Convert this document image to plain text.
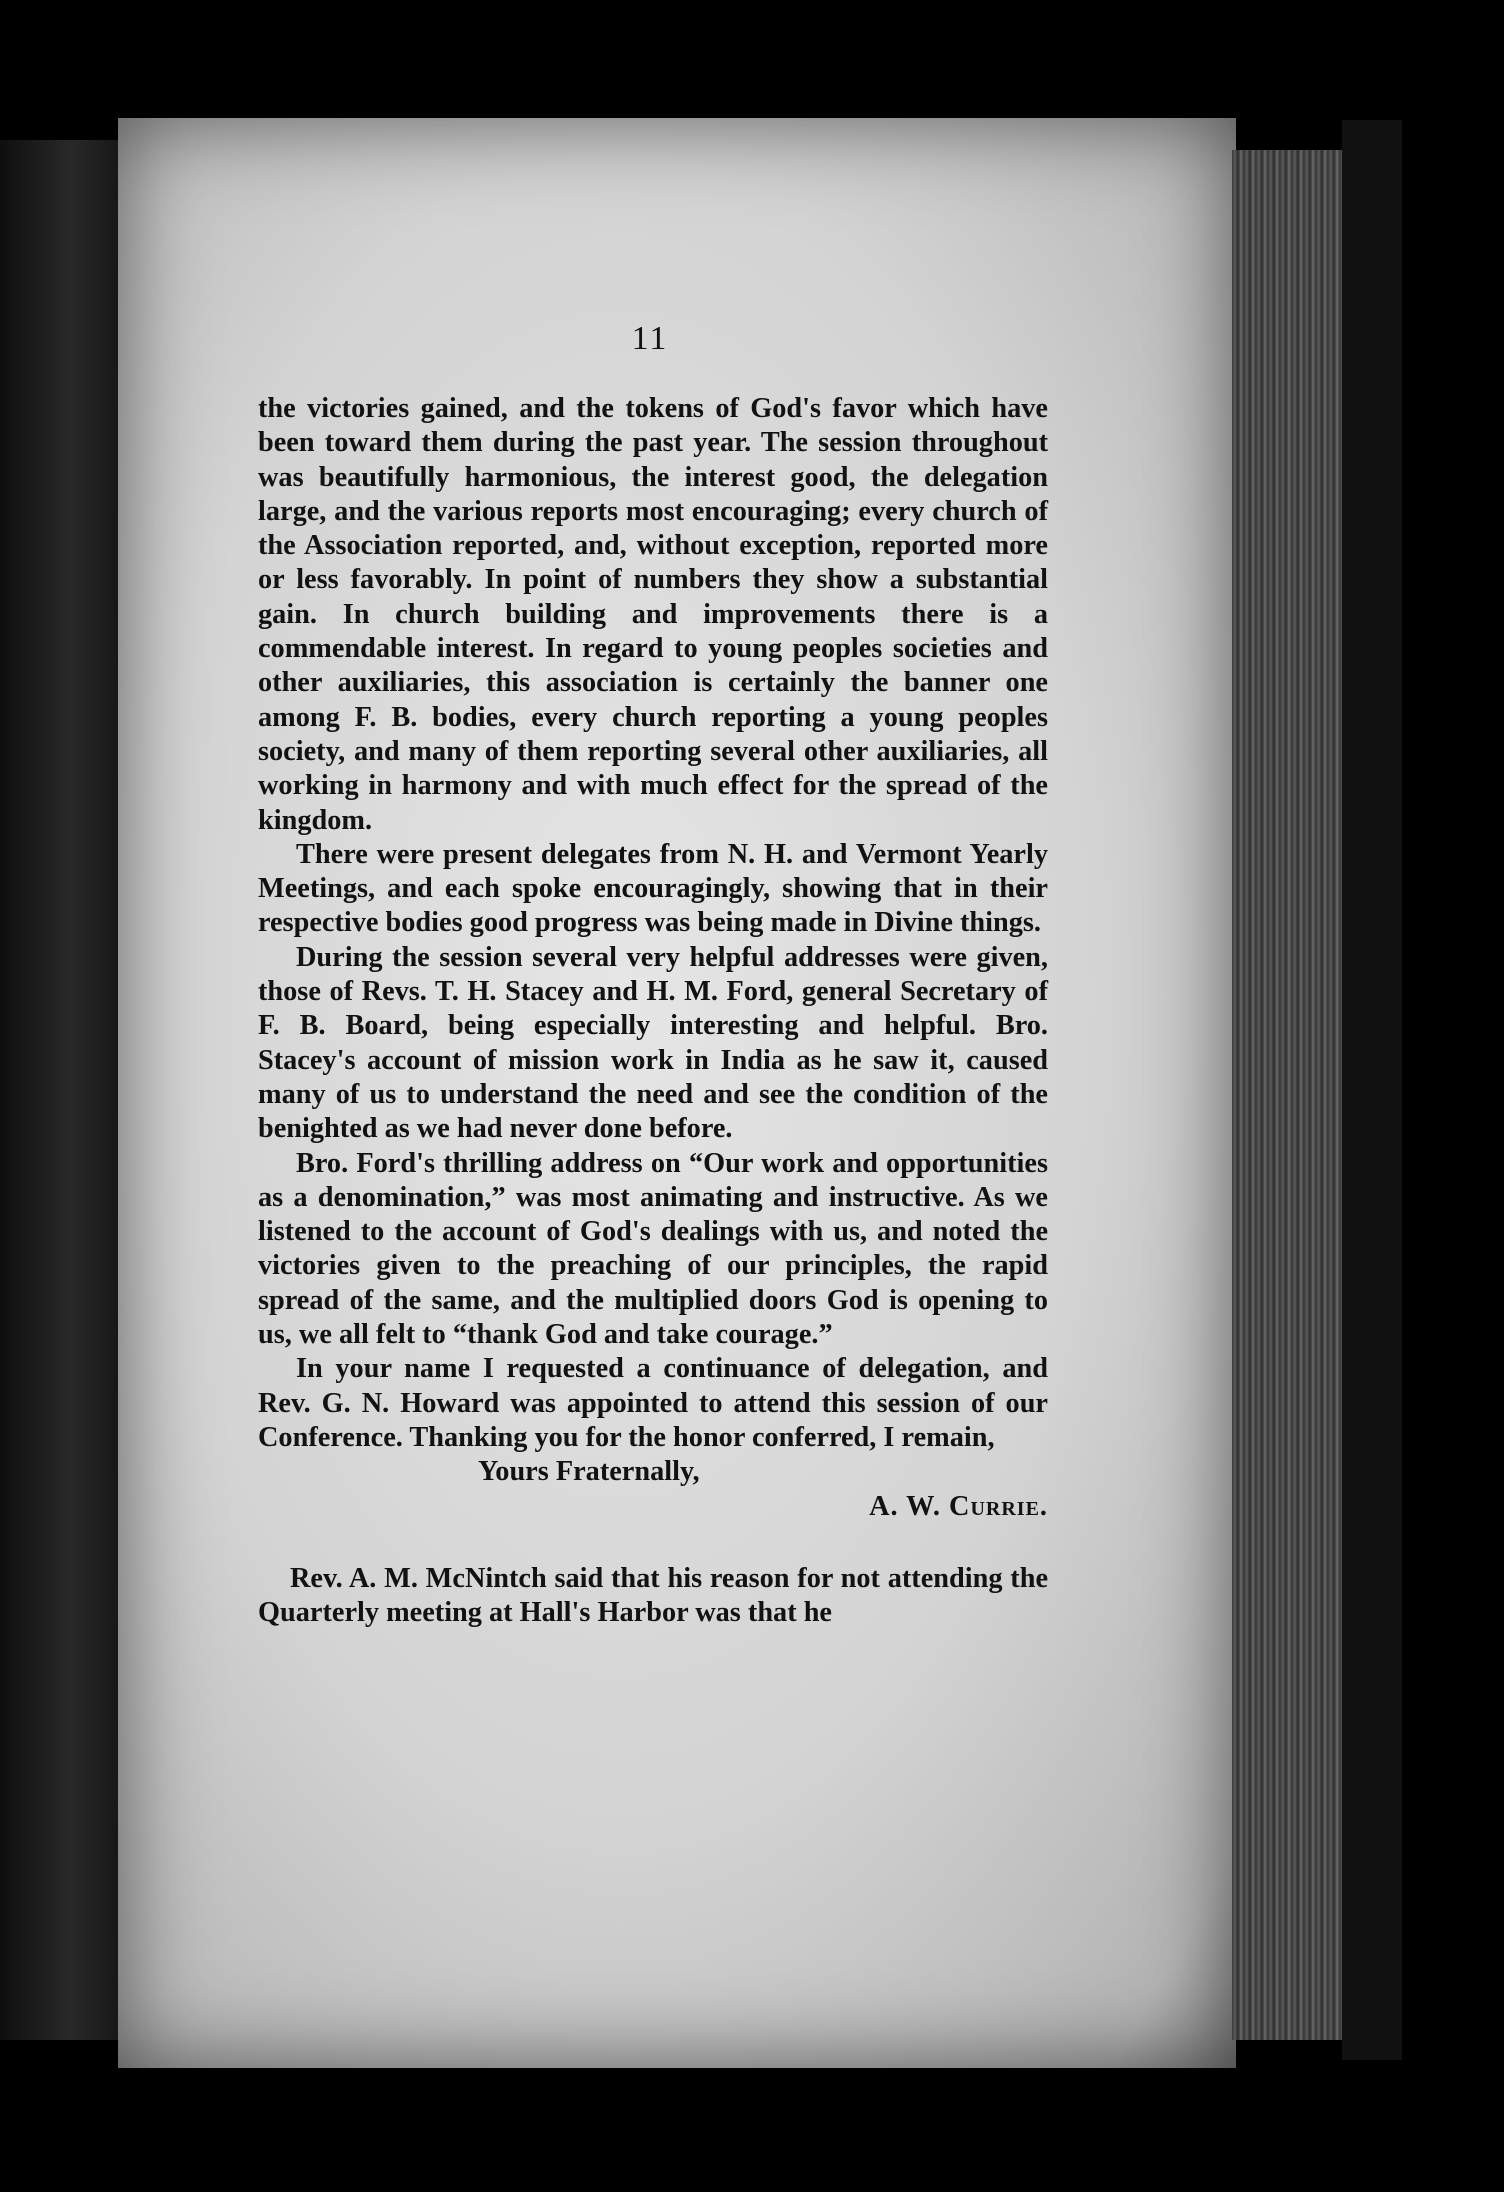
11

the victories gained, and the tokens of God's favor which have been toward them during the past year. The session throughout was beautifully harmonious, the interest good, the delegation large, and the various reports most encouraging; every church of the Association reported, and, without exception, reported more or less favorably. In point of numbers they show a substantial gain. In church building and improvements there is a commendable interest. In regard to young peoples societies and other auxiliaries, this association is certainly the banner one among F. B. bodies, every church reporting a young peoples society, and many of them reporting several other auxiliaries, all working in harmony and with much effect for the spread of the kingdom.

There were present delegates from N. H. and Vermont Yearly Meetings, and each spoke encouragingly, showing that in their respective bodies good progress was being made in Divine things.

During the session several very helpful addresses were given, those of Revs. T. H. Stacey and H. M. Ford, general Secretary of F. B. Board, being especially interesting and helpful. Bro. Stacey's account of mission work in India as he saw it, caused many of us to understand the need and see the condition of the benighted as we had never done before.

Bro. Ford's thrilling address on “Our work and opportunities as a denomination,” was most animating and instructive. As we listened to the account of God's dealings with us, and noted the victories given to the preaching of our principles, the rapid spread of the same, and the multiplied doors God is opening to us, we all felt to “thank God and take courage.”

In your name I requested a continuance of delegation, and Rev. G. N. Howard was appointed to attend this session of our Conference. Thanking you for the honor conferred, I remain,

Yours Fraternally,

A. W. Currie.

Rev. A. M. McNintch said that his reason for not attending the Quarterly meeting at Hall's Harbor was that he
